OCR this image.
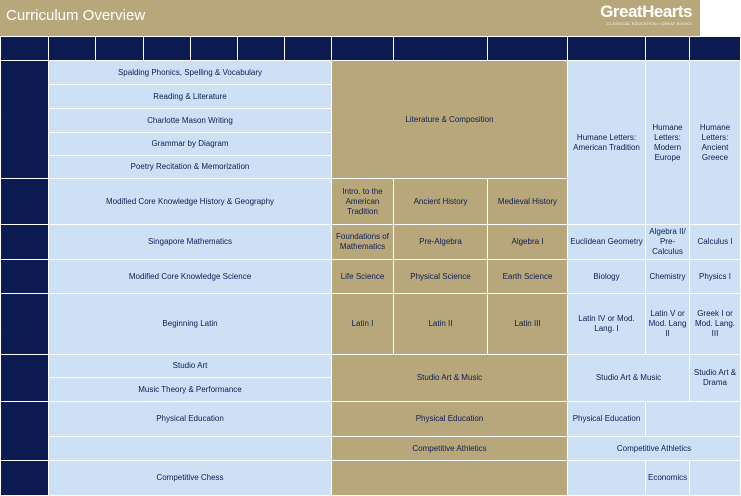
Curriculum Overview	GreatHearts
CLASSICAL EDUCATION • GREAT BOOKS
	K	1st	2nd	3rd	4th	5th	6th	7th	8th	9th	10th	11th	
English Language Arts	Spalding Phonics, Spelling & Vocabulary						Literature & Composition			Humane Letters: American Tradition	Humane Letters: Modern Europe	Humane Letters: Ancient Greece	
	Reading & Literature												
	Charlotte Mason Writing												
	Grammar by Diagram												
	Poetry Recitation & Memorization												
History & Geography	Modified Core Knowledge History & Geography						Intro. to the American Tradition	Ancient History	Medieval History	
Math	Singapore Mathematics						Foundations of Mathematics	Pre-Algebra	Algebra I	Euclidean Geometry	Algebra II/ Pre-Calculus	Calculus I	
Science	Modified Core Knowledge Science						Life Science	Physical Science	Earth Science	Biology	Chemistry	Physics I	
Classical & Foreign Language	Beginning Latin						Latin I	Latin II	Latin III	Latin IV or Mod. Lang. I	Latin V or Mod. Lang II	Greek I or Mod. Lang. III	
Fine Arts	Studio Art						Studio Art & Music			Studio Art & Music		Studio Art & Drama	
	Music Theory & Performance												
Athletics	Physical Education						Physical Education			Physical Education			
							Competitive Athletics			Competitive Athletics			
Other Core	Competitive Chess										Economics		
